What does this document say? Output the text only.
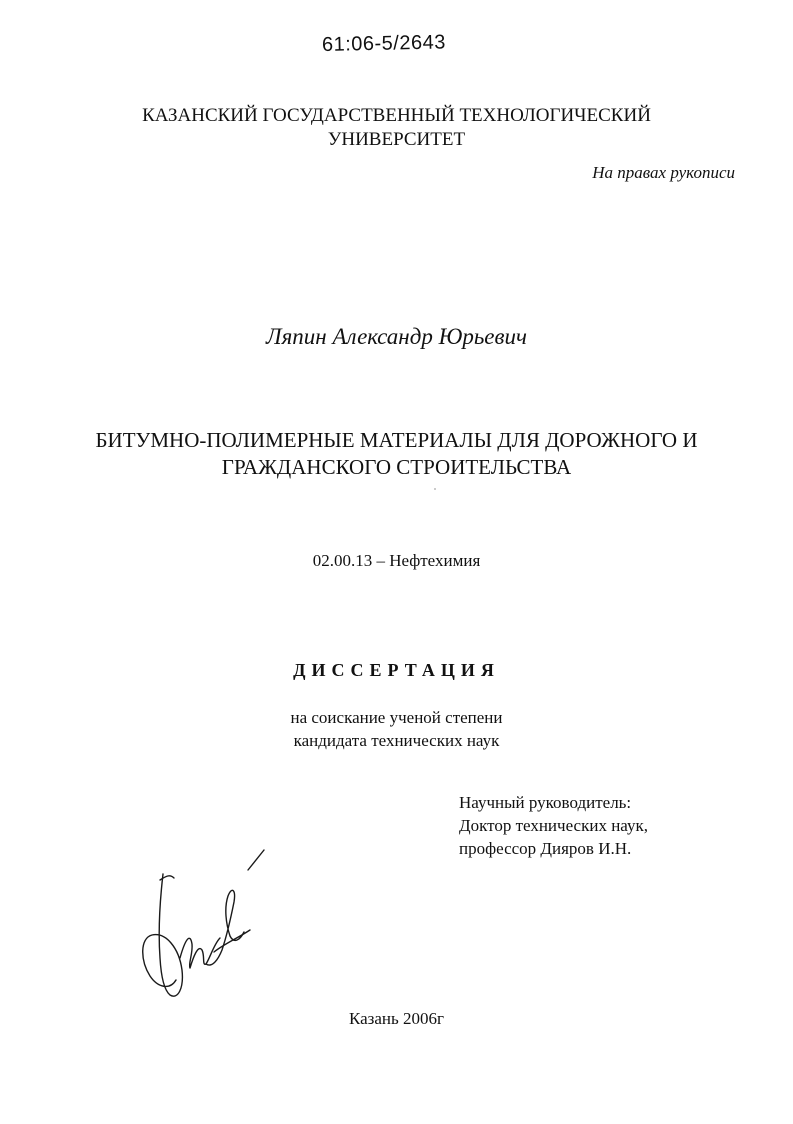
61:06-5/2643
КАЗАНСКИЙ ГОСУДАРСТВЕННЫЙ ТЕХНОЛОГИЧЕСКИЙ
УНИВЕРСИТЕТ
На правах рукописи
Ляпин Александр Юрьевич
БИТУМНО-ПОЛИМЕРНЫЕ МАТЕРИАЛЫ ДЛЯ ДОРОЖНОГО И
ГРАЖДАНСКОГО СТРОИТЕЛЬСТВА
02.00.13 – Нефтехимия
ДИССЕРТАЦИЯ
на соискание ученой степени
кандидата технических наук
Научный руководитель:
Доктор технических наук,
профессор Дияров И.Н.
Казань 2006г
